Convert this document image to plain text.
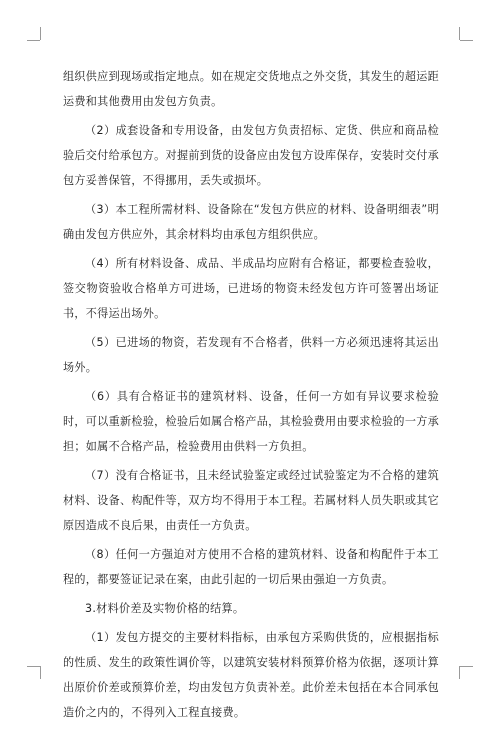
组织供应到现场或指定地点。如在规定交货地点之外交货，其发生的超运距运费和其他费用由发包方负责。

（2）成套设备和专用设备，由发包方负责招标、定货、供应和商品检验后交付给承包方。对握前到货的设备应由发包方设库保存，安装时交付承包方妥善保管，不得挪用，丢失或损坏。

（3）本工程所需材料、设备除在“发包方供应的材料、设备明细表”明确由发包方供应外，其余材料均由承包方组织供应。

（4）所有材料设备、成品、半成品均应附有合格证，都要检查验收，签交物资验收合格单方可进场，已进场的物资未经发包方许可签署出场证书，不得运出场外。

（5）已进场的物资，若发现有不合格者，供料一方必须迅速将其运出场外。

（6）具有合格证书的建筑材料、设备，任何一方如有异议要求检验时，可以重新检验，检验后如属合格产品，其检验费用由要求检验的一方承担；如属不合格产品，检验费用由供料一方负担。

（7）没有合格证书，且未经试验鉴定或经过试验鉴定为不合格的建筑材料、设备、构配件等，双方均不得用于本工程。若属材料人员失职或其它原因造成不良后果，由责任一方负责。

（8）任何一方强迫对方使用不合格的建筑材料、设备和构配件于本工程的，都要签证记录在案，由此引起的一切后果由强迫一方负责。

3.材料价差及实物价格的结算。

（1）发包方提交的主要材料指标，由承包方采购供货的，应根据指标的性质、发生的政策性调价等，以建筑安装材料预算价格为依据，逐项计算出原价价差或预算价差，均由发包方负责补差。此价差未包括在本合同承包造价之内的，不得列入工程直接费。
